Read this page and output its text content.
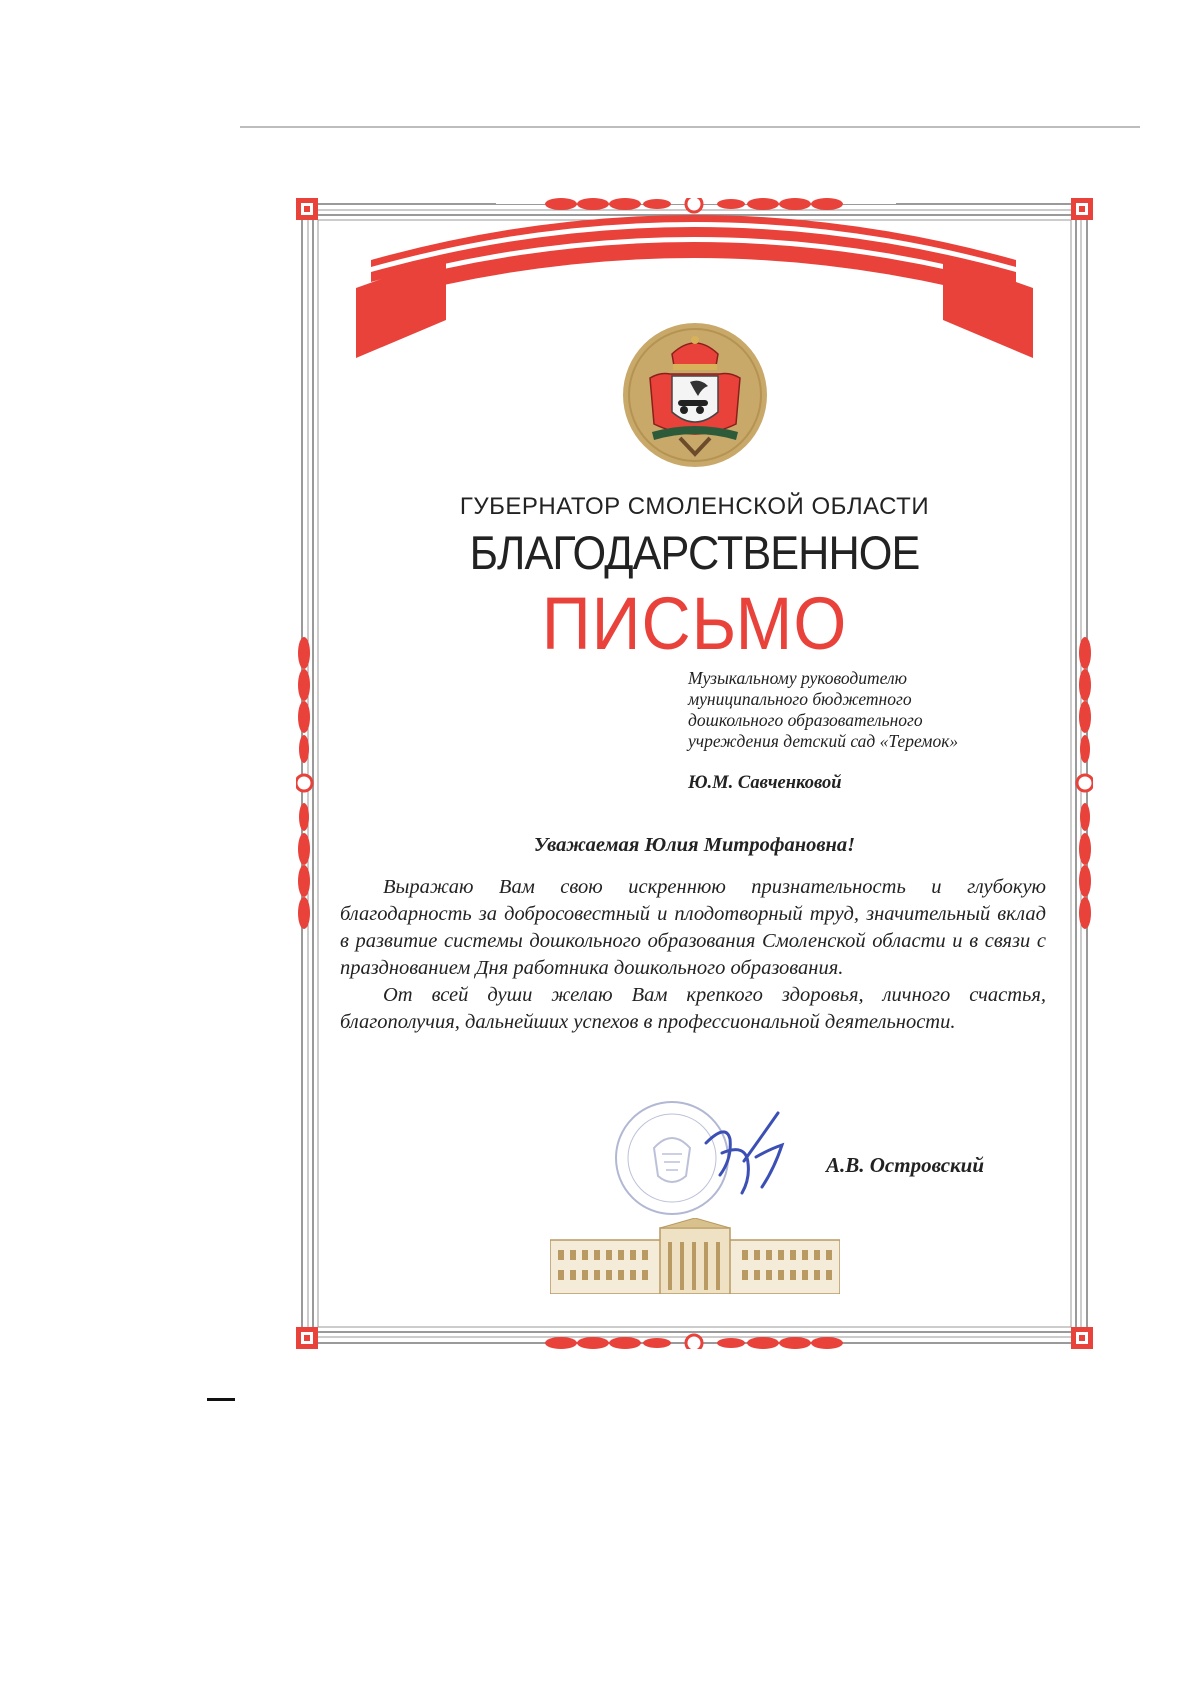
ГУБЕРНАТОР СМОЛЕНСКОЙ ОБЛАСТИ
БЛАГОДАРСТВЕННОЕ
ПИСЬМО
Музыкальному руководителю
муниципального бюджетного
дошкольного образовательного
учреждения детский сад «Теремок»
Ю.М. Савченковой
Уважаемая Юлия Митрофановна!

Выражаю Вам свою искреннюю признательность и глубокую благодарность за добросовестный и плодотворный труд, значительный вклад в развитие системы дошкольного образования Смоленской области и в связи с празднованием Дня работника дошкольного образования.

От всей души желаю Вам крепкого здоровья, личного счастья, благополучия, дальнейших успехов в профессиональной деятельности.

А.В. Островский
